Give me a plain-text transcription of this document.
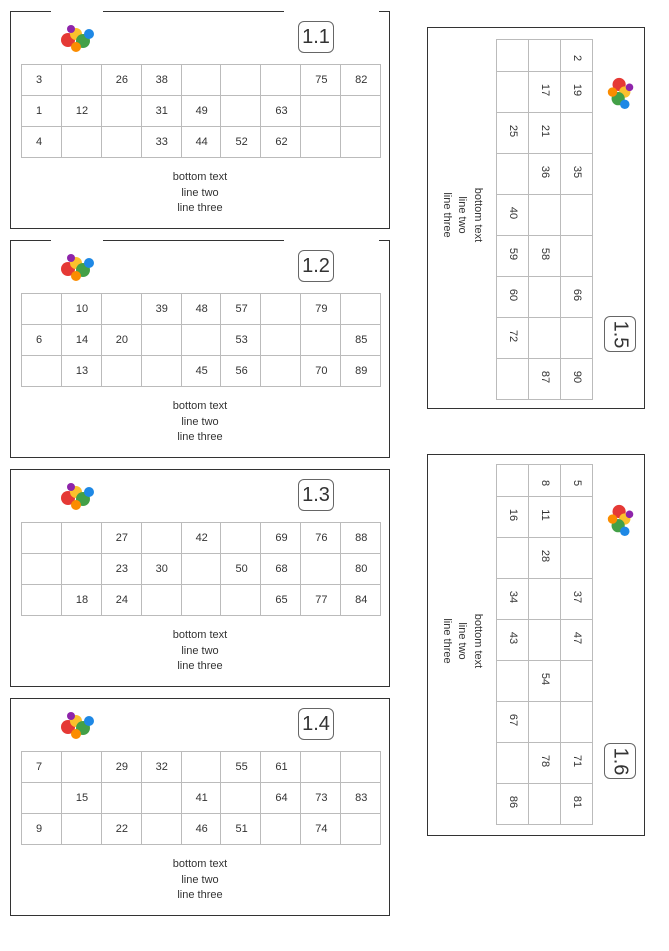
1.1
3		26	38				75	82
1	12		31	49		63		
4			33	44	52	62		
bottom text
line two
line three
1.2
	10		39	48	57		79	
6	14	20			53			85
	13			45	56		70	89
bottom text
line two
line three
1.3
		27		42		69	76	88
		23	30		50	68		80
	18	24				65	77	84
bottom text
line two
line three
1.4
7		29	32		55	61		
	15			41		64	73	83
9		22		46	51		74	
bottom text
line two
line three

		2

	17	19

25	21	

	36	35

40		

59	58	

60		66

72		

	87	90
1.5
bottom text
line two
line three

	8	5

16	11	

	28	

34		37

43		47

	54	

67		

	78	71

86		81
1.6
bottom text
line two
line three
